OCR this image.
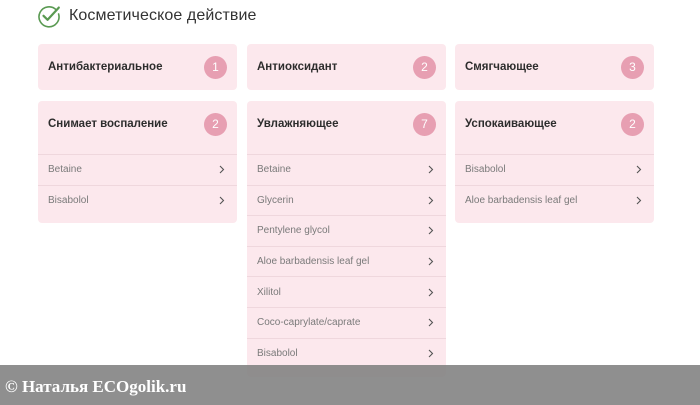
Косметическое действие
Антибактериальное	1	Антиоксидант	2	Смягчающее	3
Снимает воспаление	2
Betaine
Bisabolol
Увлажняющее	7
Betaine
Glycerin
Pentylene glycol
Aloe barbadensis leaf gel
Xilitol
Coco-caprylate/caprate
Bisabolol
Успокаивающее	2
Bisabolol
Aloe barbadensis leaf gel
© Наталья ECOgolik.ru
